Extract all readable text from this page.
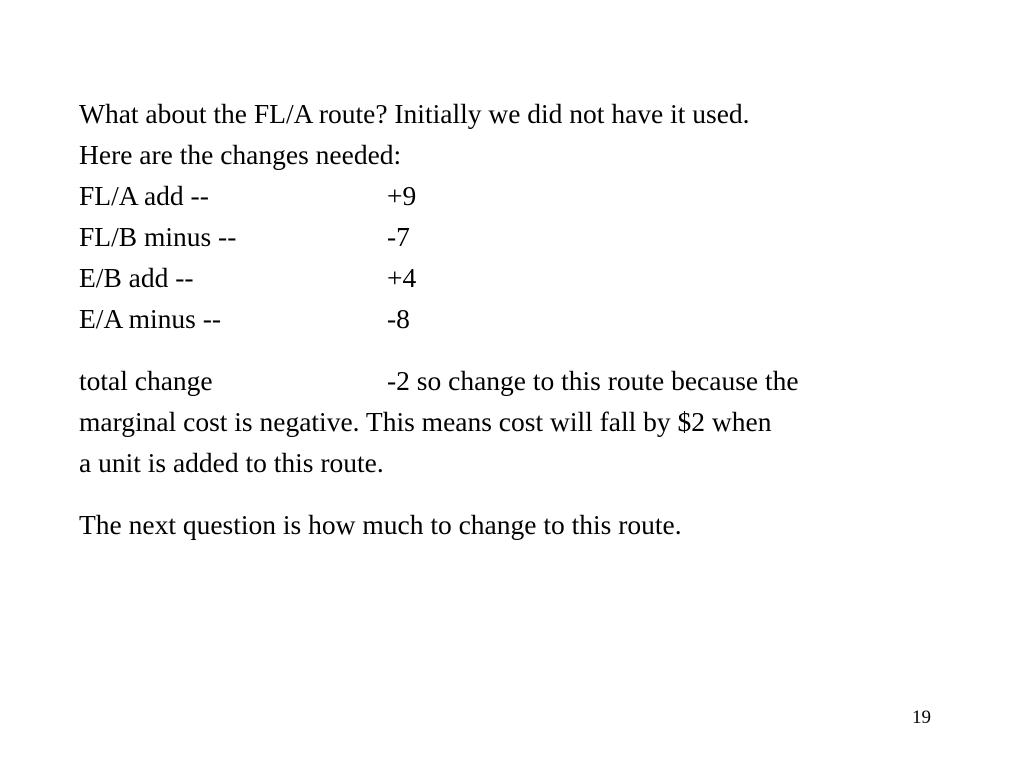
What about the FL/A route? Initially we did not have it used.
Here are the changes needed:
FL/A add --	+9
FL/B minus --	-7
E/B add --	+4
E/A minus --	-8
total change	-2 so change to this route because the
marginal cost is negative. This means cost will fall by $2 when
a unit is added to this route.
The next question is how much to change to this route.
19
